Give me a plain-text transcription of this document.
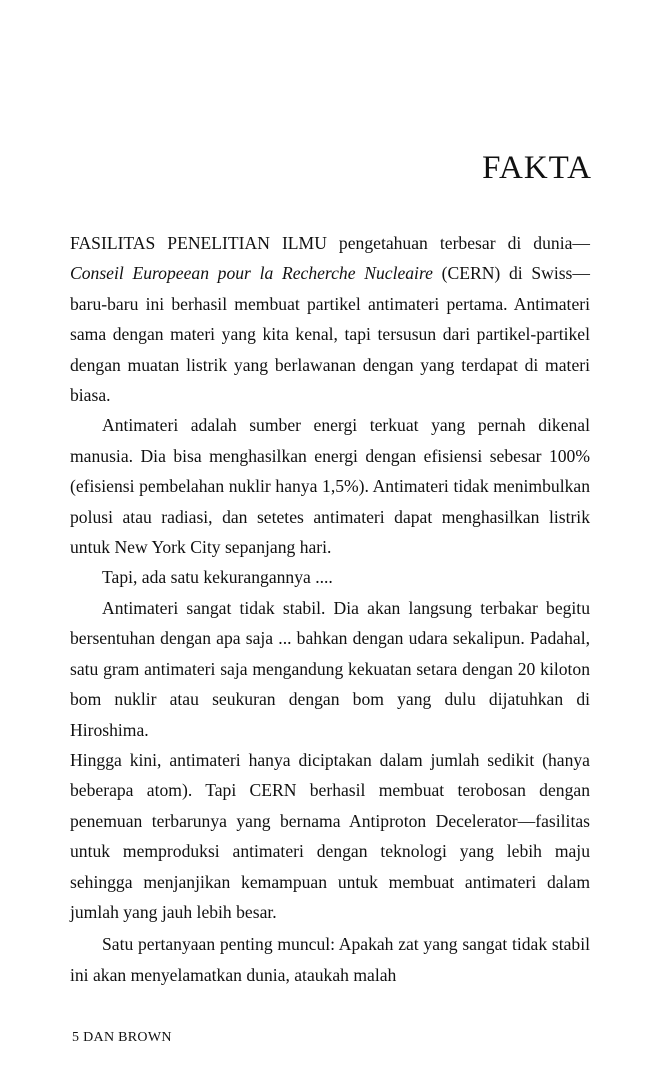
FAKTA

FASILITAS PENELITIAN ILMU pengetahuan terbesar di dunia—Conseil Europeean pour la Recherche Nucleaire (CERN) di Swiss—baru-baru ini berhasil membuat partikel antimateri pertama. Antimateri sama dengan materi yang kita kenal, tapi tersusun dari partikel-partikel dengan muatan listrik yang berlawanan dengan yang terdapat di materi biasa.

Antimateri adalah sumber energi terkuat yang pernah dikenal manusia. Dia bisa menghasilkan energi dengan efisiensi sebesar 100% (efisiensi pembelahan nuklir hanya 1,5%). Antimateri tidak menimbulkan polusi atau radiasi, dan setetes antimateri dapat menghasilkan listrik untuk New York City sepanjang hari.

Tapi, ada satu kekurangannya ....

Antimateri sangat tidak stabil. Dia akan langsung terbakar begitu bersentuhan dengan apa saja ... bahkan dengan udara sekalipun. Padahal, satu gram antimateri saja mengandung kekuatan setara dengan 20 kiloton bom nuklir atau seukuran dengan bom yang dulu dijatuhkan di Hiroshima.

Hingga kini, antimateri hanya diciptakan dalam jumlah sedikit (hanya beberapa atom). Tapi CERN berhasil membuat terobosan dengan penemuan terbarunya yang bernama Antiproton Decelerator—fasilitas untuk memproduksi antimateri dengan teknologi yang lebih maju sehingga menjanjikan kemampuan untuk membuat antimateri dalam jumlah yang jauh lebih besar.

Satu pertanyaan penting muncul: Apakah zat yang sangat tidak stabil ini akan menyelamatkan dunia, ataukah malah

5 DAN BROWN
